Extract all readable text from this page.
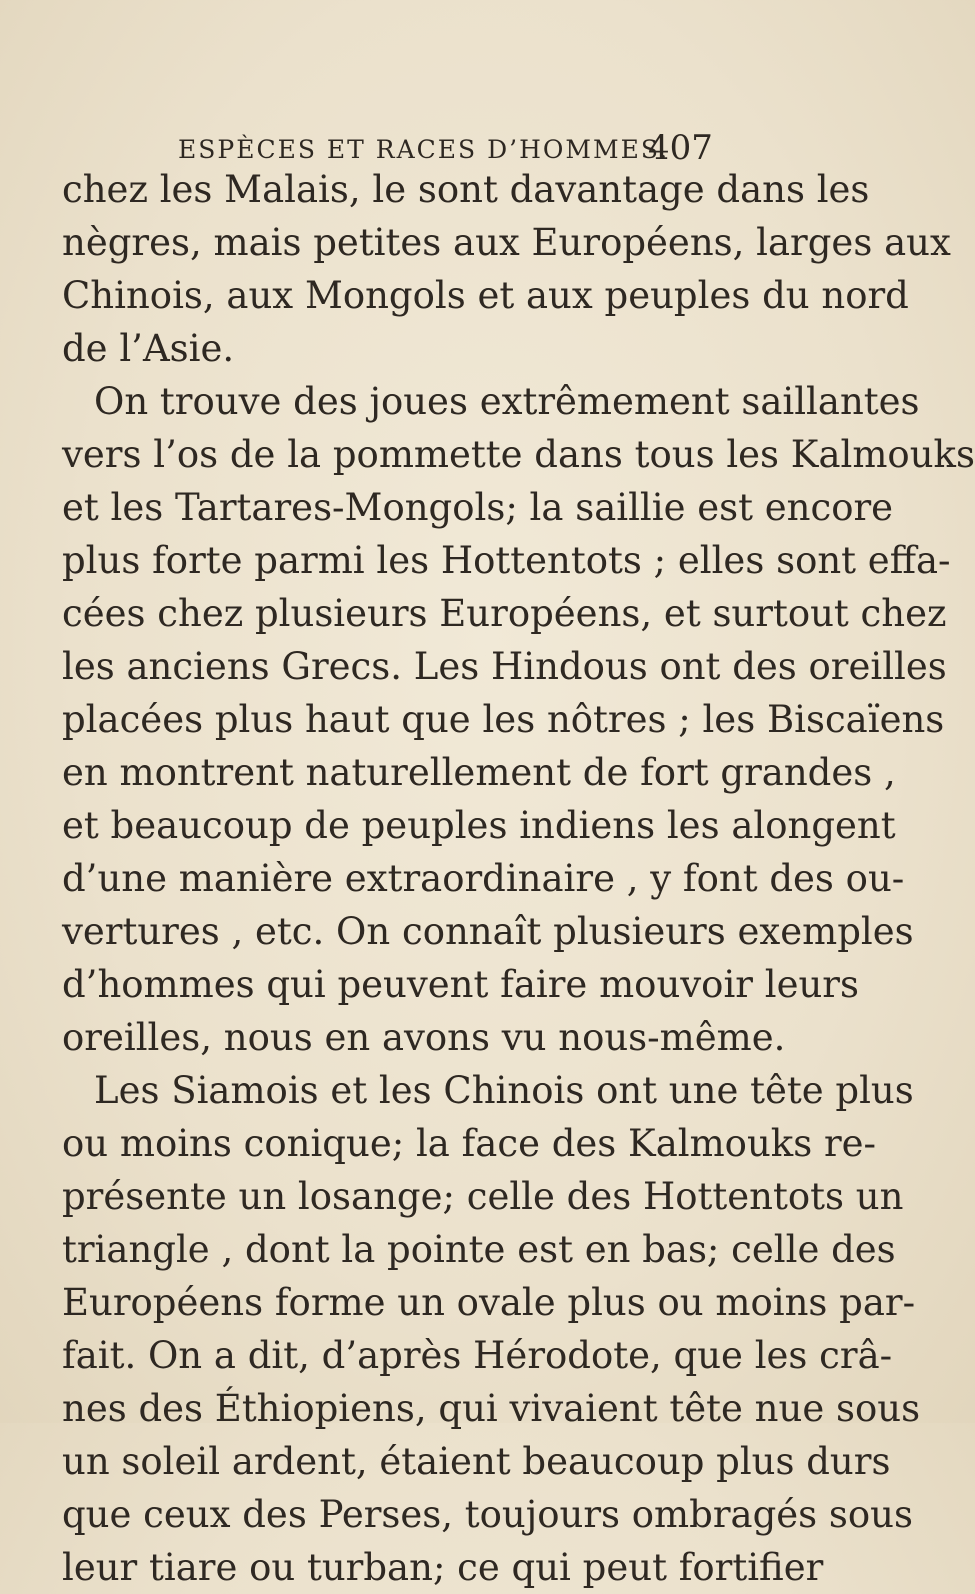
ESPÈCES ET RACES D’HOMMES.
407
chez les Malais, le sont davantage dans les
nègres, mais petites aux Européens, larges aux
Chinois, aux Mongols et aux peuples du nord
de l’Asie.
On trouve des joues extrêmement saillantes
vers l’os de la pommette dans tous les Kalmouks
et les Tartares-Mongols; la saillie est encore
plus forte parmi les Hottentots ; elles sont effa-
cées chez plusieurs Européens, et surtout chez
les anciens Grecs. Les Hindous ont des oreilles
placées plus haut que les nôtres ; les Biscaïens
en montrent naturellement de fort grandes ,
et beaucoup de peuples indiens les alongent
d’une manière extraordinaire , y font des ou-
vertures , etc. On connaît plusieurs exemples
d’hommes qui peuvent faire mouvoir leurs
oreilles, nous en avons vu nous-même.
Les Siamois et les Chinois ont une tête plus
ou moins conique; la face des Kalmouks re-
présente un losange; celle des Hottentots un
triangle , dont la pointe est en bas; celle des
Européens forme un ovale plus ou moins par-
fait. On a dit, d’après Hérodote, que les crâ-
nes des Éthiopiens, qui vivaient tête nue sous
un soleil ardent, étaient beaucoup plus durs
que ceux des Perses, toujours ombragés sous
leur tiare ou turban; ce qui peut fortifier
